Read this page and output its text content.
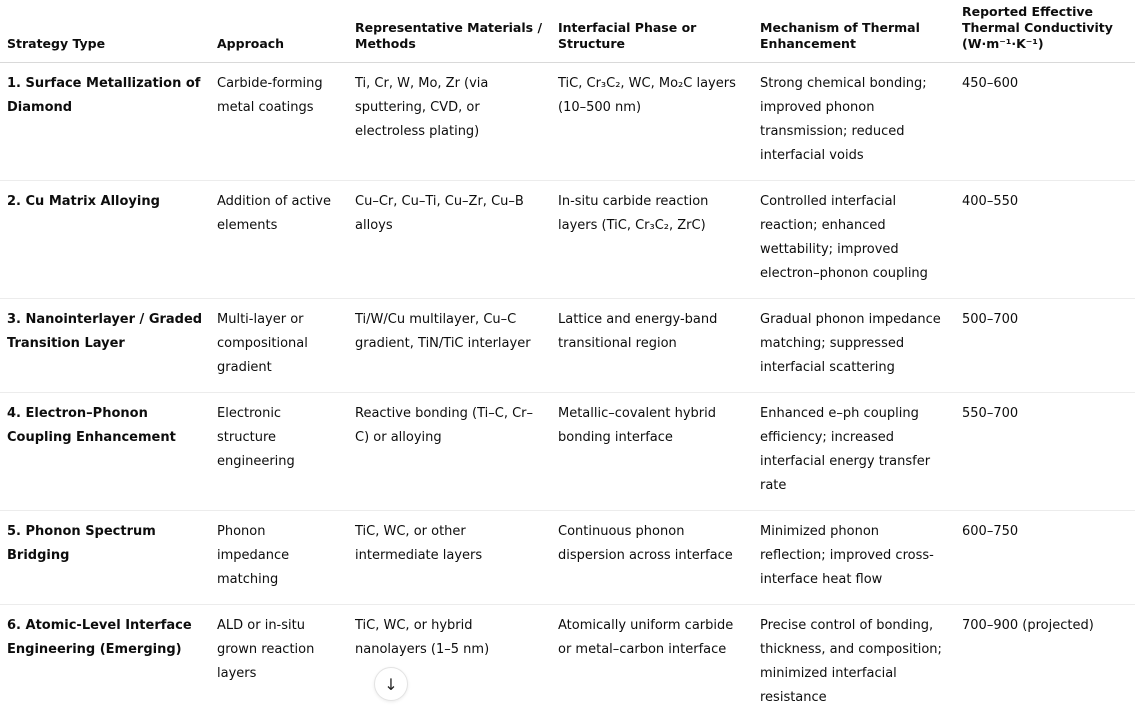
Strategy Type	Approach	Representative Materials / Methods	Interfacial Phase or Structure	Mechanism of Thermal Enhancement	Reported Effective Thermal Conductivity (W·m⁻¹·K⁻¹)
1. Surface Metallization of Diamond	Carbide-forming metal coatings	Ti, Cr, W, Mo, Zr (via sputtering, CVD, or electroless plating)	TiC, Cr₃C₂, WC, Mo₂C layers (10–500 nm)	Strong chemical bonding; improved phonon transmission; reduced interfacial voids	450–600
2. Cu Matrix Alloying	Addition of active elements	Cu–Cr, Cu–Ti, Cu–Zr, Cu–B alloys	In-situ carbide reaction layers (TiC, Cr₃C₂, ZrC)	Controlled interfacial reaction; enhanced wettability; improved electron–phonon coupling	400–550
3. Nanointerlayer / Graded Transition Layer	Multi-layer or compositional gradient	Ti/W/Cu multilayer, Cu–C gradient, TiN/TiC interlayer	Lattice and energy-band transitional region	Gradual phonon impedance matching; suppressed interfacial scattering	500–700
4. Electron–Phonon Coupling Enhancement	Electronic structure engineering	Reactive bonding (Ti–C, Cr–C) or alloying	Metallic–covalent hybrid bonding interface	Enhanced e–ph coupling efficiency; increased interfacial energy transfer rate	550–700
5. Phonon Spectrum Bridging	Phonon impedance matching	TiC, WC, or other intermediate layers	Continuous phonon dispersion across interface	Minimized phonon reflection; improved cross-interface heat flow	600–750
6. Atomic-Level Interface Engineering (Emerging)	ALD or in-situ grown reaction layers	TiC, WC, or hybrid nanolayers (1–5 nm)	Atomically uniform carbide or metal–carbon interface	Precise control of bonding, thickness, and composition; minimized interfacial resistance	700–900 (projected)
↓
